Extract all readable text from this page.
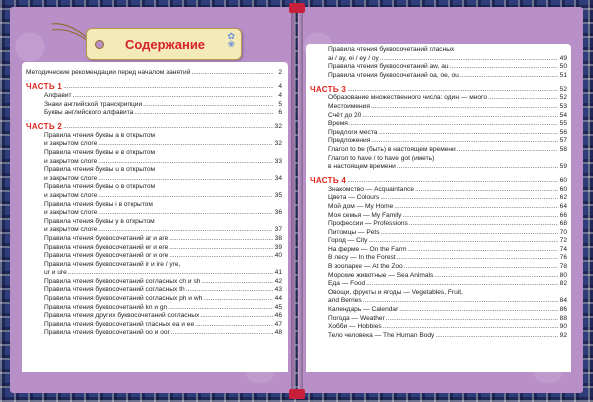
Содержание
✿
❀
Методические рекомендации перед началом занятий .....	2
ЧАСТЬ 1 .....	4
Алфавит .....	4
Знаки английской транскрипции .....	5
Буквы английского алфавита .....	6
ЧАСТЬ 2 .....	32
Правила чтения буквы а в открытом
и закрытом слоге .....	32
Правила чтения буквы е в открытом
и закрытом слоге .....	33
Правила чтения буквы u в открытом
и закрытом слоге .....	34
Правила чтения буквы о в открытом
и закрытом слоге .....	35
Правила чтения буквы i в открытом
и закрытом слоге .....	36
Правила чтения буквы у в открытом
и закрытом слоге .....	37
Правила чтения буквосочетаний ar и are .....	38
Правила чтения буквосочетаний er и ere .....	39
Правила чтения буквосочетаний or и ore .....	40
Правила чтения буквосочетаний ir и ire / yre,
ur и ure .....	41
Правила чтения буквосочетаний согласных ch и sh .....	42
Правила чтения буквосочетаний согласных th .....	43
Правила чтения буквосочетаний согласных ph и wh .....	44
Правила чтения буквосочетаний kn и gn .....	45
Правила чтения других буквосочетаний согласных .....	46
Правила чтения буквосочетаний гласных ea и ee .....	47
Правила чтения буквосочетаний oo и oor .....	48
Правила чтения буквосочетаний гласных
ai / ay, ei / ey / oy .....	49
Правила чтения буквосочетаний aw, au .....	50
Правила чтения буквосочетаний oa, oe, ou .....	51
ЧАСТЬ 3 .....	52
Образование множественного числа: один — много .....	52
Местоимения .....	53
Счёт до 20 .....	54
Время .....	55
Предлоги места .....	56
Предложения .....	57
Глагол to be (быть) в настоящем времени .....	58
Глагол to have / to have got (иметь)
в настоящем времени .....	59
ЧАСТЬ 4 .....	60
Знакомство — Acquaintance .....	60
Цвета — Colours .....	62
Мой дом — My Home .....	64
Моя семья — My Family .....	66
Профессии — Professions .....	68
Питомцы — Pets .....	70
Город — City .....	72
На ферме — On the Farm .....	74
В лесу — In the Forest .....	76
В зоопарке — At the Zoo .....	78
Морские животные — Sea Animals .....	80
Еда — Food .....	82
Овощи, фрукты и ягоды — Vegetables, Fruit,
and Berries .....	84
Календарь — Calendar .....	86
Погода — Weather .....	88
Хобби — Hobbies .....	90
Тело человека — The Human Body .....	92
